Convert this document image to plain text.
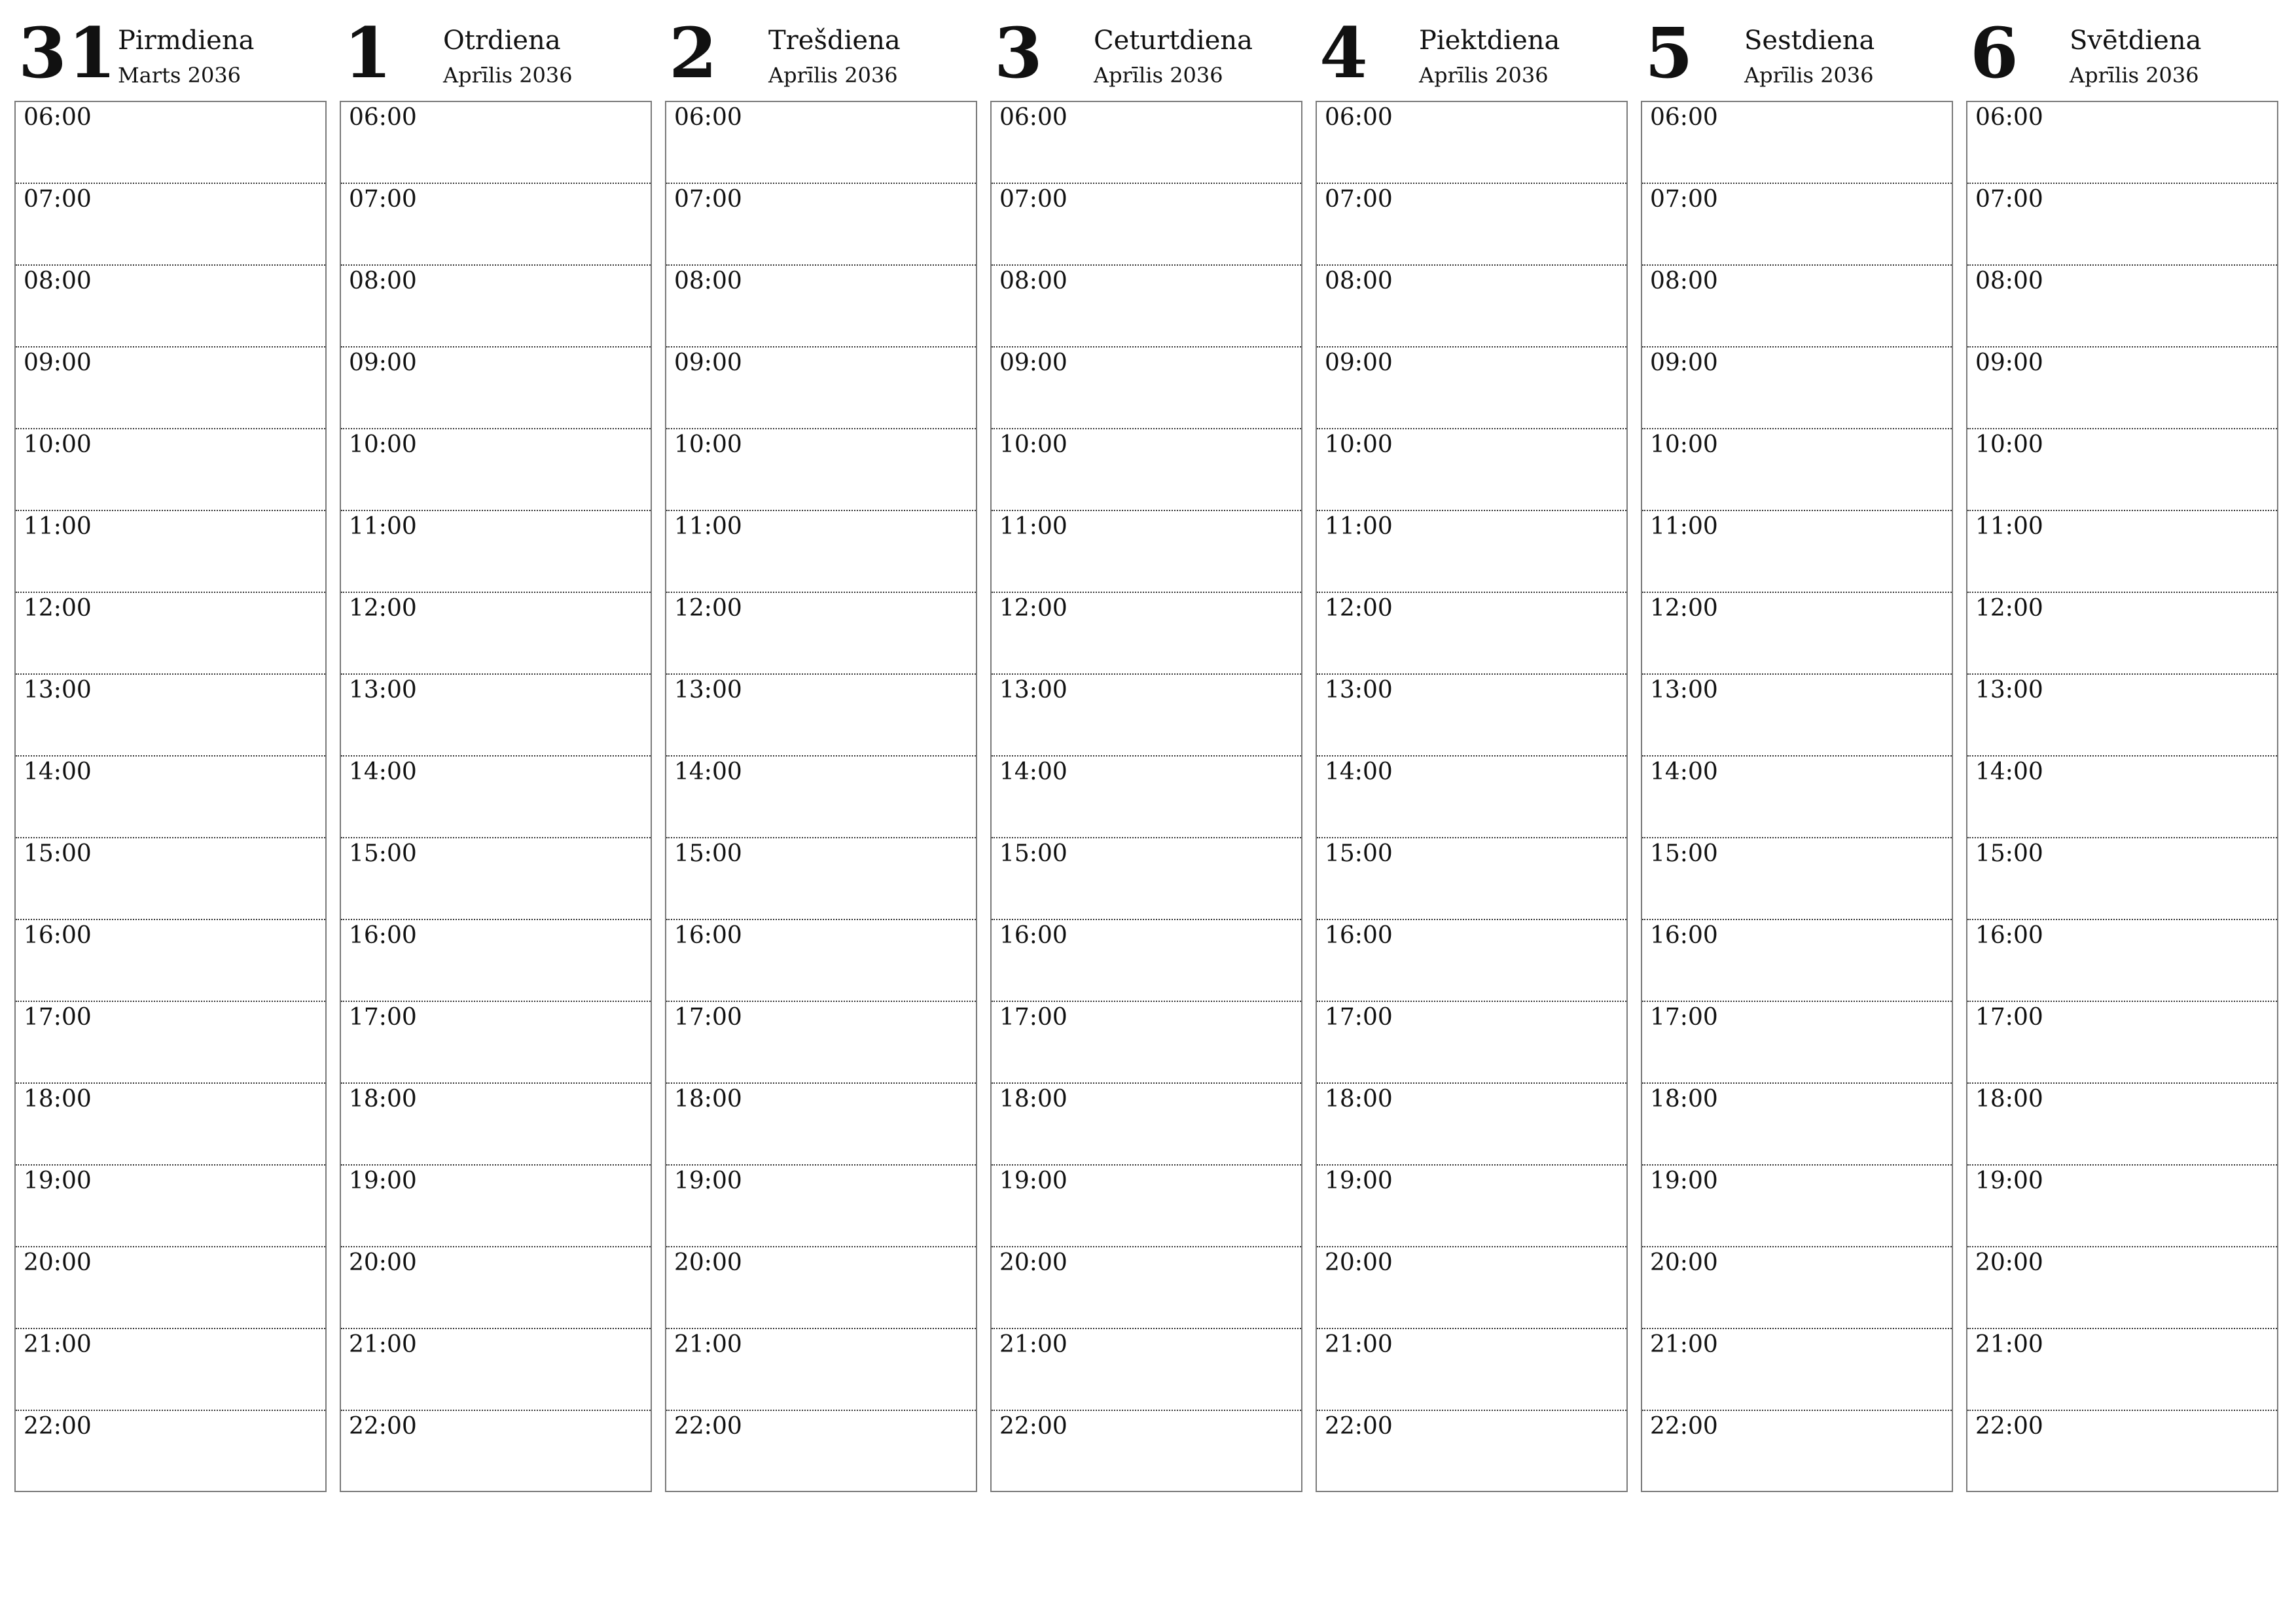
31 Pirmdiena
Marts 2036
06:00
07:00
08:00
09:00
10:00
11:00
12:00
13:00
14:00
15:00
16:00
17:00
18:00
19:00
20:00
21:00
22:00
1 Otrdiena
Aprīlis 2036
06:00
07:00
08:00
09:00
10:00
11:00
12:00
13:00
14:00
15:00
16:00
17:00
18:00
19:00
20:00
21:00
22:00
2 Trešdiena
Aprīlis 2036
06:00
07:00
08:00
09:00
10:00
11:00
12:00
13:00
14:00
15:00
16:00
17:00
18:00
19:00
20:00
21:00
22:00
3 Ceturtdiena
Aprīlis 2036
06:00
07:00
08:00
09:00
10:00
11:00
12:00
13:00
14:00
15:00
16:00
17:00
18:00
19:00
20:00
21:00
22:00
4 Piektdiena
Aprīlis 2036
06:00
07:00
08:00
09:00
10:00
11:00
12:00
13:00
14:00
15:00
16:00
17:00
18:00
19:00
20:00
21:00
22:00
5 Sestdiena
Aprīlis 2036
06:00
07:00
08:00
09:00
10:00
11:00
12:00
13:00
14:00
15:00
16:00
17:00
18:00
19:00
20:00
21:00
22:00
6 Svētdiena
Aprīlis 2036
06:00
07:00
08:00
09:00
10:00
11:00
12:00
13:00
14:00
15:00
16:00
17:00
18:00
19:00
20:00
21:00
22:00
